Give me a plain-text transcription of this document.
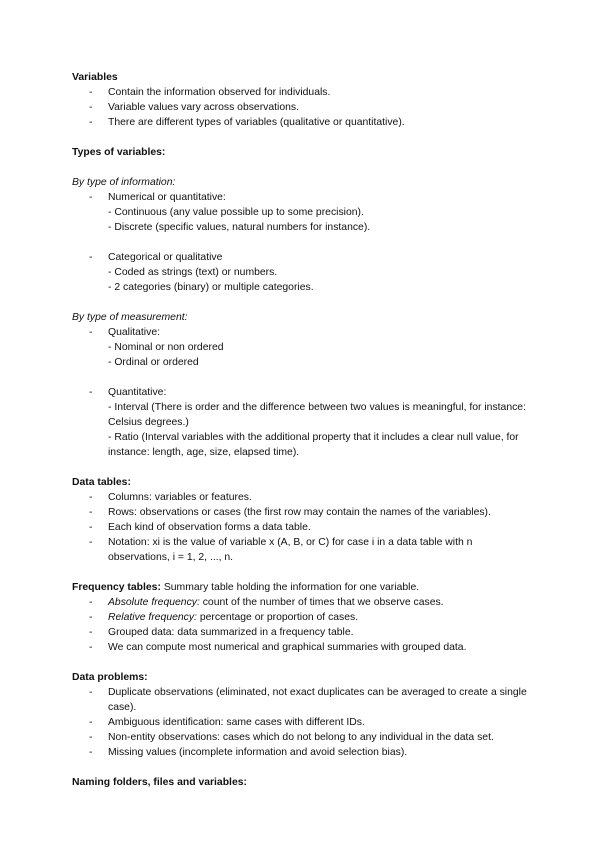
Variables

- Contain the information observed for individuals.
- Variable values vary across observations.
- There are different types of variables (qualitative or quantitative).

Types of variables:

By type of information:

- Numerical or quantitative:
- Continuous (any value possible up to some precision).
- Discrete (specific values, natural numbers for instance).
- Categorical or qualitative
- Coded as strings (text) or numbers.
- 2 categories (binary) or multiple categories.

By type of measurement:

- Qualitative:
- Nominal or non ordered
- Ordinal or ordered
- Quantitative:
- Interval (There is order and the difference between two values is meaningful, for instance: Celsius degrees.)
- Ratio (Interval variables with the additional property that it includes a clear null value, for instance: length, age, size, elapsed time).

Data tables:

- Columns: variables or features.
- Rows: observations or cases (the first row may contain the names of the variables).
- Each kind of observation forms a data table.
- Notation: xi is the value of variable x (A, B, or C) for case i in a data table with n observations, i = 1, 2, ..., n.

Frequency tables: Summary table holding the information for one variable.

- Absolute frequency: count of the number of times that we observe cases.
- Relative frequency: percentage or proportion of cases.
- Grouped data: data summarized in a frequency table.
- We can compute most numerical and graphical summaries with grouped data.

Data problems:

- Duplicate observations (eliminated, not exact duplicates can be averaged to create a single case).
- Ambiguous identification: same cases with different IDs.
- Non-entity observations: cases which do not belong to any individual in the data set.
- Missing values (incomplete information and avoid selection bias).

Naming folders, files and variables:
